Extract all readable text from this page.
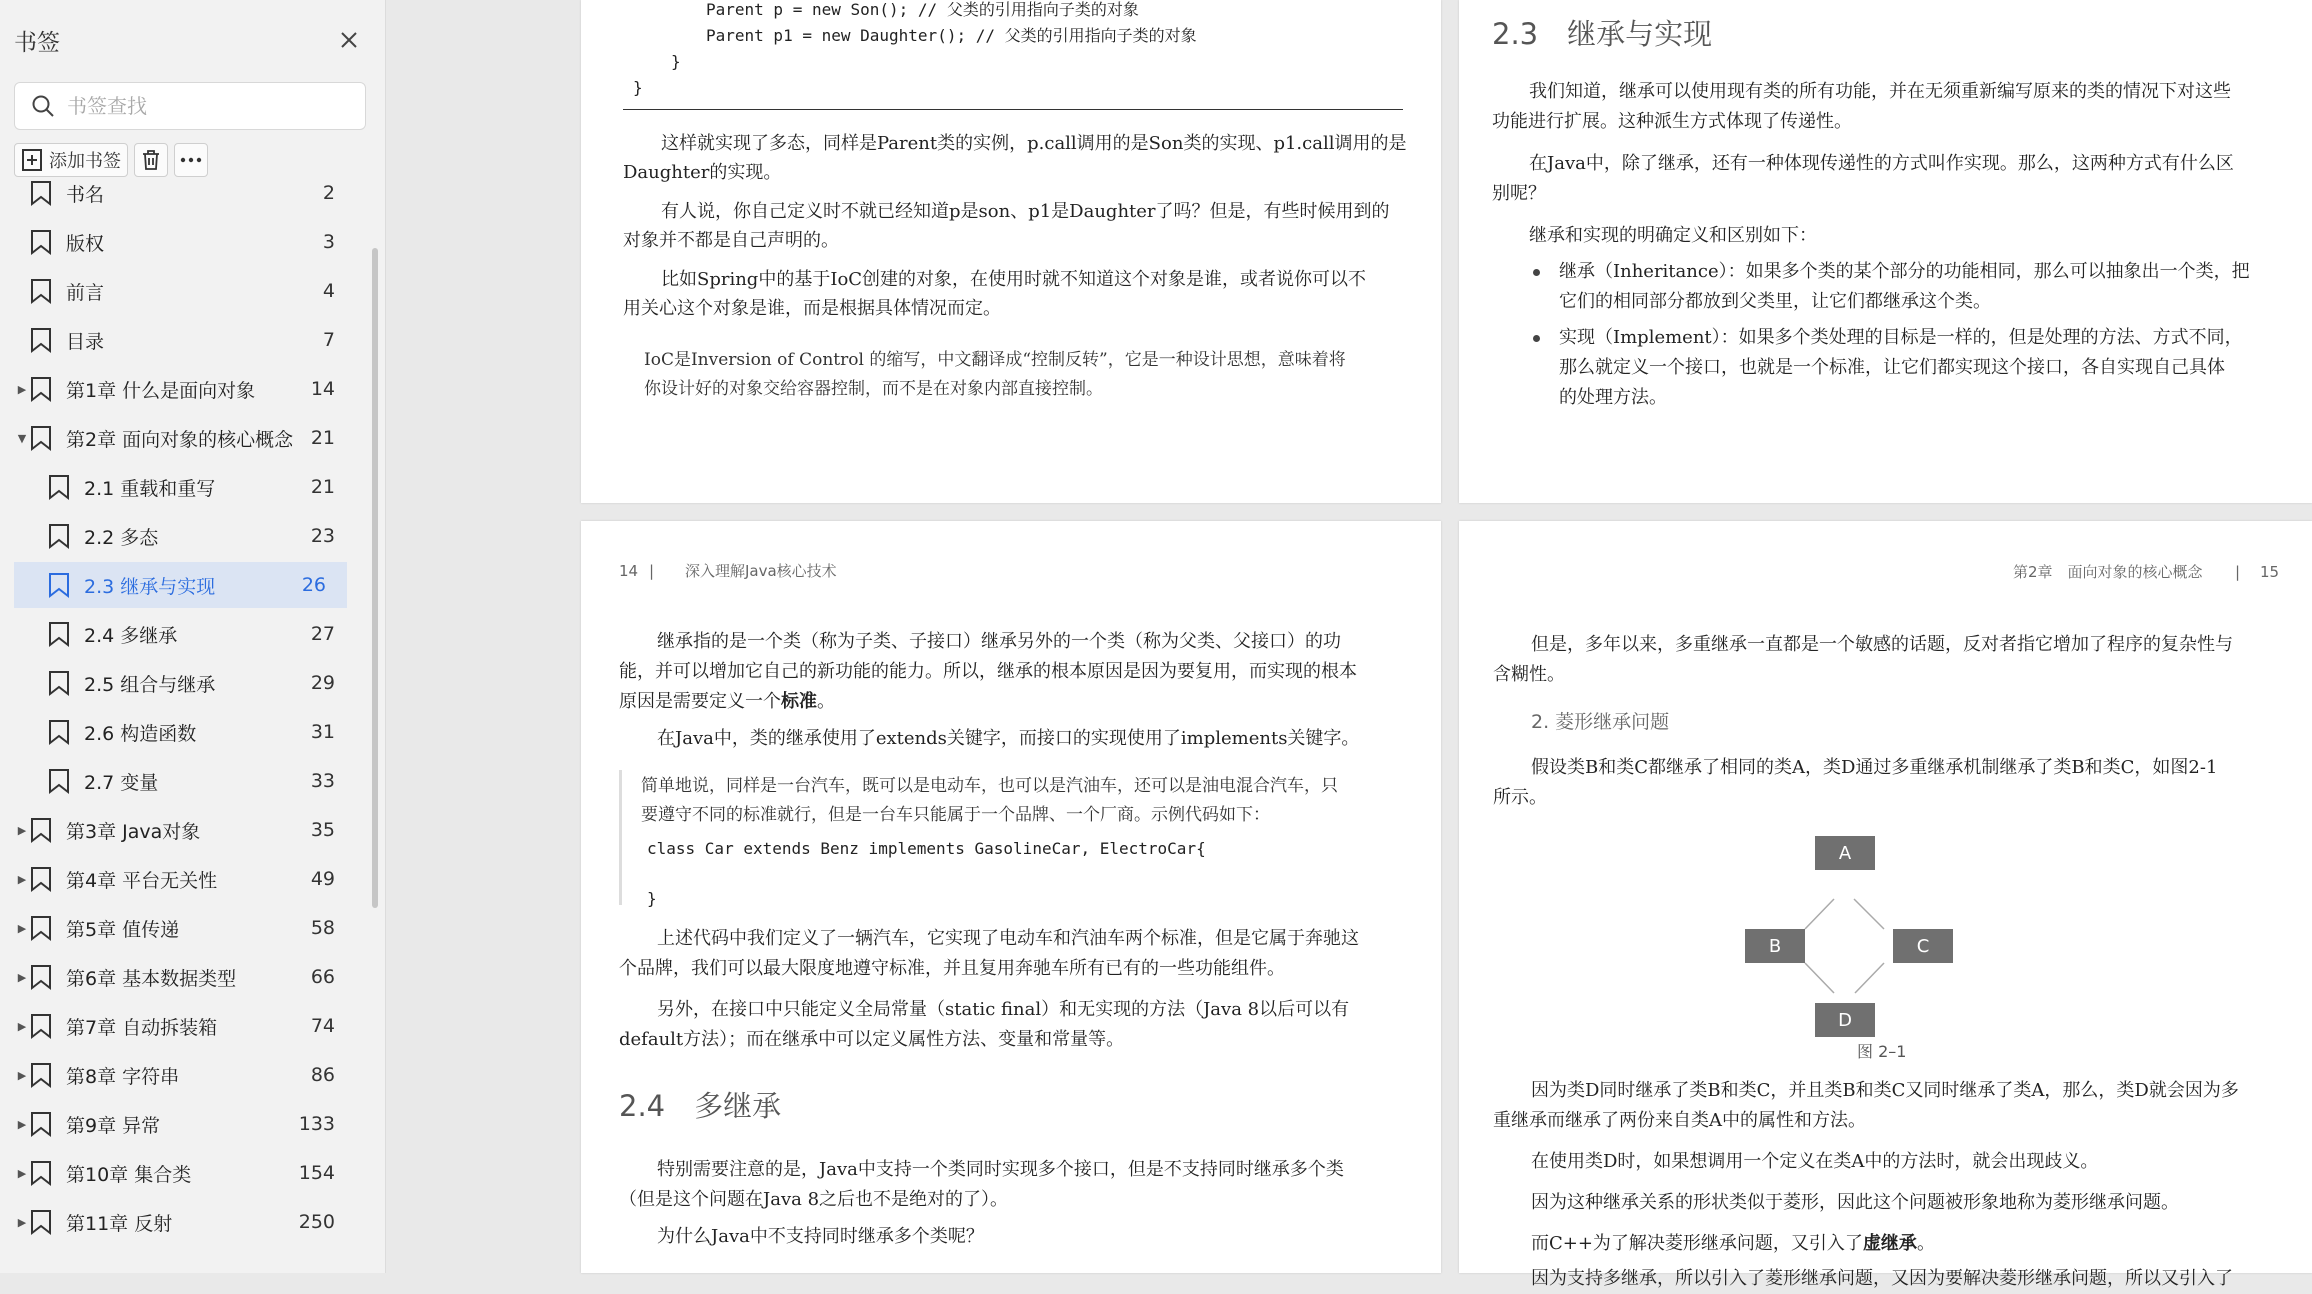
书签
书签查找
添加书签
书名	2
版权	3
前言	4
目录	7
▶ 第1章 什么是面向对象	14
▼ 第2章 面向对象的核心概念 21
2.1 重载和重写	21
2.2 多态	23
2.3 继承与实现	26
2.4 多继承	27
2.5 组合与继承	29
2.6 构造函数	31
2.7 变量	33
▶ 第3章 Java对象	35
▶ 第4章 平台无关性	49
▶ 第5章 值传递	58
▶ 第6章 基本数据类型	66
▶ 第7章 自动拆装箱	74
▶ 第8章 字符串	86
▶ 第9章 异常	133
▶ 第10章 集合类	154
▶ 第11章 反射	250
Parent p = new Son(); // 父类的引用指向子类的对象
Parent p1 = new Daughter(); // 父类的引用指向子类的对象
}
}
这样就实现了多态，同样是Parent类的实例，p.call调用的是Son类的实现、p1.call调用的是
Daughter的实现。
有人说，你自己定义时不就已经知道p是son、p1是Daughter了吗？但是，有些时候用到的
对象并不都是自己声明的。
比如Spring中的基于IoC创建的对象，在使用时就不知道这个对象是谁，或者说你可以不
用关心这个对象是谁，而是根据具体情况而定。
IoC是Inversion of Control 的缩写，中文翻译成“控制反转”，它是一种设计思想，意味着将
你设计好的对象交给容器控制，而不是在对象内部直接控制。
2.3　继承与实现
我们知道，继承可以使用现有类的所有功能，并在无须重新编写原来的类的情况下对这些
功能进行扩展。这种派生方式体现了传递性。
在Java中，除了继承，还有一种体现传递性的方式叫作实现。那么，这两种方式有什么区
别呢？
继承和实现的明确定义和区别如下：
继承（Inheritance）：如果多个类的某个部分的功能相同，那么可以抽象出一个类，把
它们的相同部分都放到父类里，让它们都继承这个类。
实现（Implement）：如果多个类处理的目标是一样的，但是处理的方法、方式不同，
那么就定义一个接口，也就是一个标准，让它们都实现这个接口，各自实现自己具体
的处理方法。
14 | 深入理解Java核心技术
继承指的是一个类（称为子类、子接口）继承另外的一个类（称为父类、父接口）的功
能，并可以增加它自己的新功能的能力。所以，继承的根本原因是因为要复用，而实现的根本
原因是需要定义一个标准。
在Java中，类的继承使用了extends关键字，而接口的实现使用了implements关键字。
简单地说，同样是一台汽车，既可以是电动车，也可以是汽油车，还可以是油电混合汽车，只
要遵守不同的标准就行，但是一台车只能属于一个品牌、一个厂商。示例代码如下：
class Car extends Benz implements GasolineCar, ElectroCar{
}
上述代码中我们定义了一辆汽车，它实现了电动车和汽油车两个标准，但是它属于奔驰这
个品牌，我们可以最大限度地遵守标准，并且复用奔驰车所有已有的一些功能组件。
另外，在接口中只能定义全局常量（static final）和无实现的方法（Java 8以后可以有
default方法）；而在继承中可以定义属性方法、变量和常量等。
2.4　多继承
特别需要注意的是，Java中支持一个类同时实现多个接口，但是不支持同时继承多个类
（但是这个问题在Java 8之后也不是绝对的了）。
为什么Java中不支持同时继承多个类呢？
第2章　面向对象的核心概念 | 15
但是，多年以来，多重继承一直都是一个敏感的话题，反对者指它增加了程序的复杂性与
含糊性。
2. 菱形继承问题
假设类B和类C都继承了相同的类A，类D通过多重继承机制继承了类B和类C，如图2-1
所示。
A
B	C
D
图 2–1
因为类D同时继承了类B和类C，并且类B和类C又同时继承了类A，那么，类D就会因为多
重继承而继承了两份来自类A中的属性和方法。
在使用类D时，如果想调用一个定义在类A中的方法时，就会出现歧义。
因为这种继承关系的形状类似于菱形，因此这个问题被形象地称为菱形继承问题。
而C++为了解决菱形继承问题，又引入了虚继承。
因为支持多继承，所以引入了菱形继承问题，又因为要解决菱形继承问题，所以又引入了
